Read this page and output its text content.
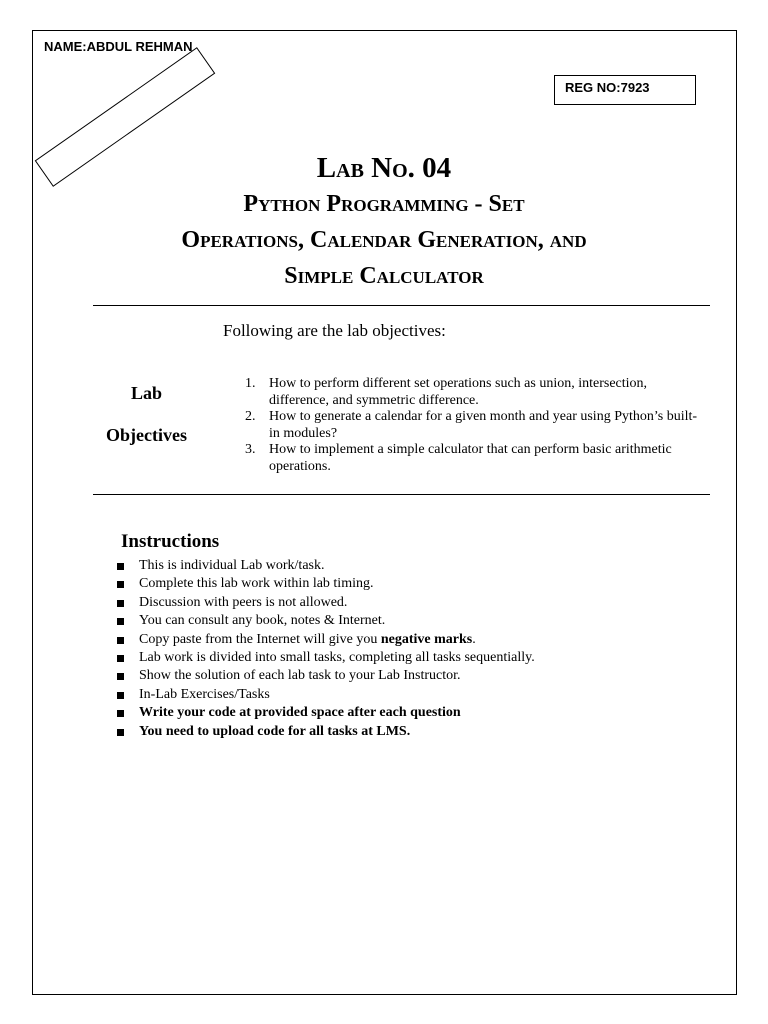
NAME:ABDUL REHMAN
REG NO:7923
Lab No. 04
Python Programming - Set
Operations, Calendar Generation, and
Simple Calculator
Following are the lab objectives:
Lab
Objectives
1. How to perform different set operations such as union, intersection, difference, and symmetric difference.
2. How to generate a calendar for a given month and year using Python’s built-in modules?
3. How to implement a simple calculator that can perform basic arithmetic operations.
Instructions
This is individual Lab work/task.
Complete this lab work within lab timing.
Discussion with peers is not allowed.
You can consult any book, notes & Internet.
Copy paste from the Internet will give you negative marks.
Lab work is divided into small tasks, completing all tasks sequentially.
Show the solution of each lab task to your Lab Instructor.
In-Lab Exercises/Tasks
Write your code at provided space after each question
You need to upload code for all tasks at LMS.
